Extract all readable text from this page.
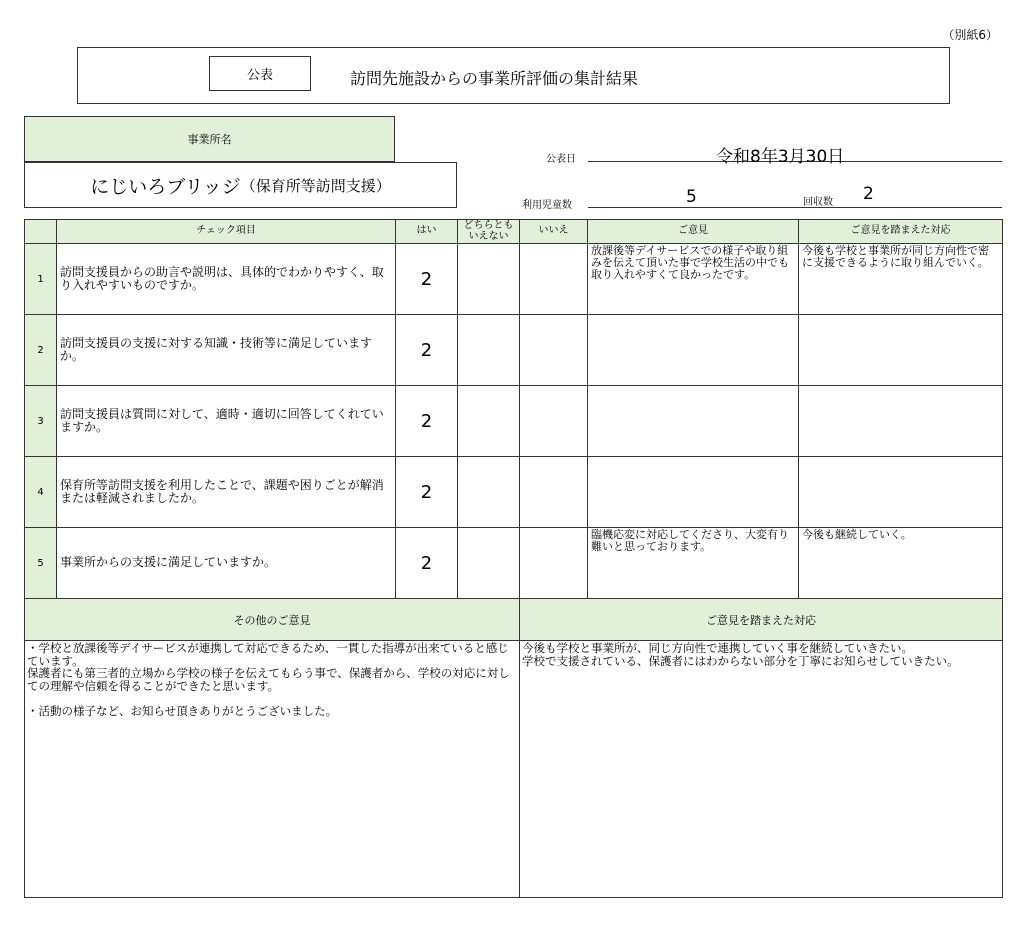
（別紙6）
公表	訪問先施設からの事業所評価の集計結果
事業所名
にじいろブリッジ （保育所等訪問支援）
公表日	令和8年3月30日
利用児童数	5	回収数 2
	チェック項目	はい	どちらとも
いえない	いいえ	ご意見	ご意見を踏まえた対応
1	訪問支援員からの助言や説明は、具体的でわかりやすく、取り入れやすいものですか。	2			放課後等デイサービスでの様子や取り組みを伝えて頂いた事で学校生活の中でも取り入れやすくて良かったです。	今後も学校と事業所が同じ方向性で密に支援できるように取り組んでいく。
2	訪問支援員の支援に対する知識・技術等に満足していますか。	2				
3	訪問支援員は質問に対して、適時・適切に回答してくれていますか。	2				
4	保育所等訪問支援を利用したことで、課題や困りごとが解消または軽減されましたか。	2				
5	事業所からの支援に満足していますか。	2			臨機応変に対応してくださり、大変有り難いと思っております。	今後も継続していく。
その他のご意見	ご意見を踏まえた対応
・学校と放課後等デイサービスが連携して対応できるため、一貫した指導が出来ていると感じています。
保護者にも第三者的立場から学校の様子を伝えてもらう事で、保護者から、学校の対応に対しての理解や信頼を得ることができたと思います。

・活動の様子など、お知らせ頂きありがとうございました。	今後も学校と事業所が、同じ方向性で連携していく事を継続していきたい。
学校で支援されている、保護者にはわからない部分を丁寧にお知らせしていきたい。
